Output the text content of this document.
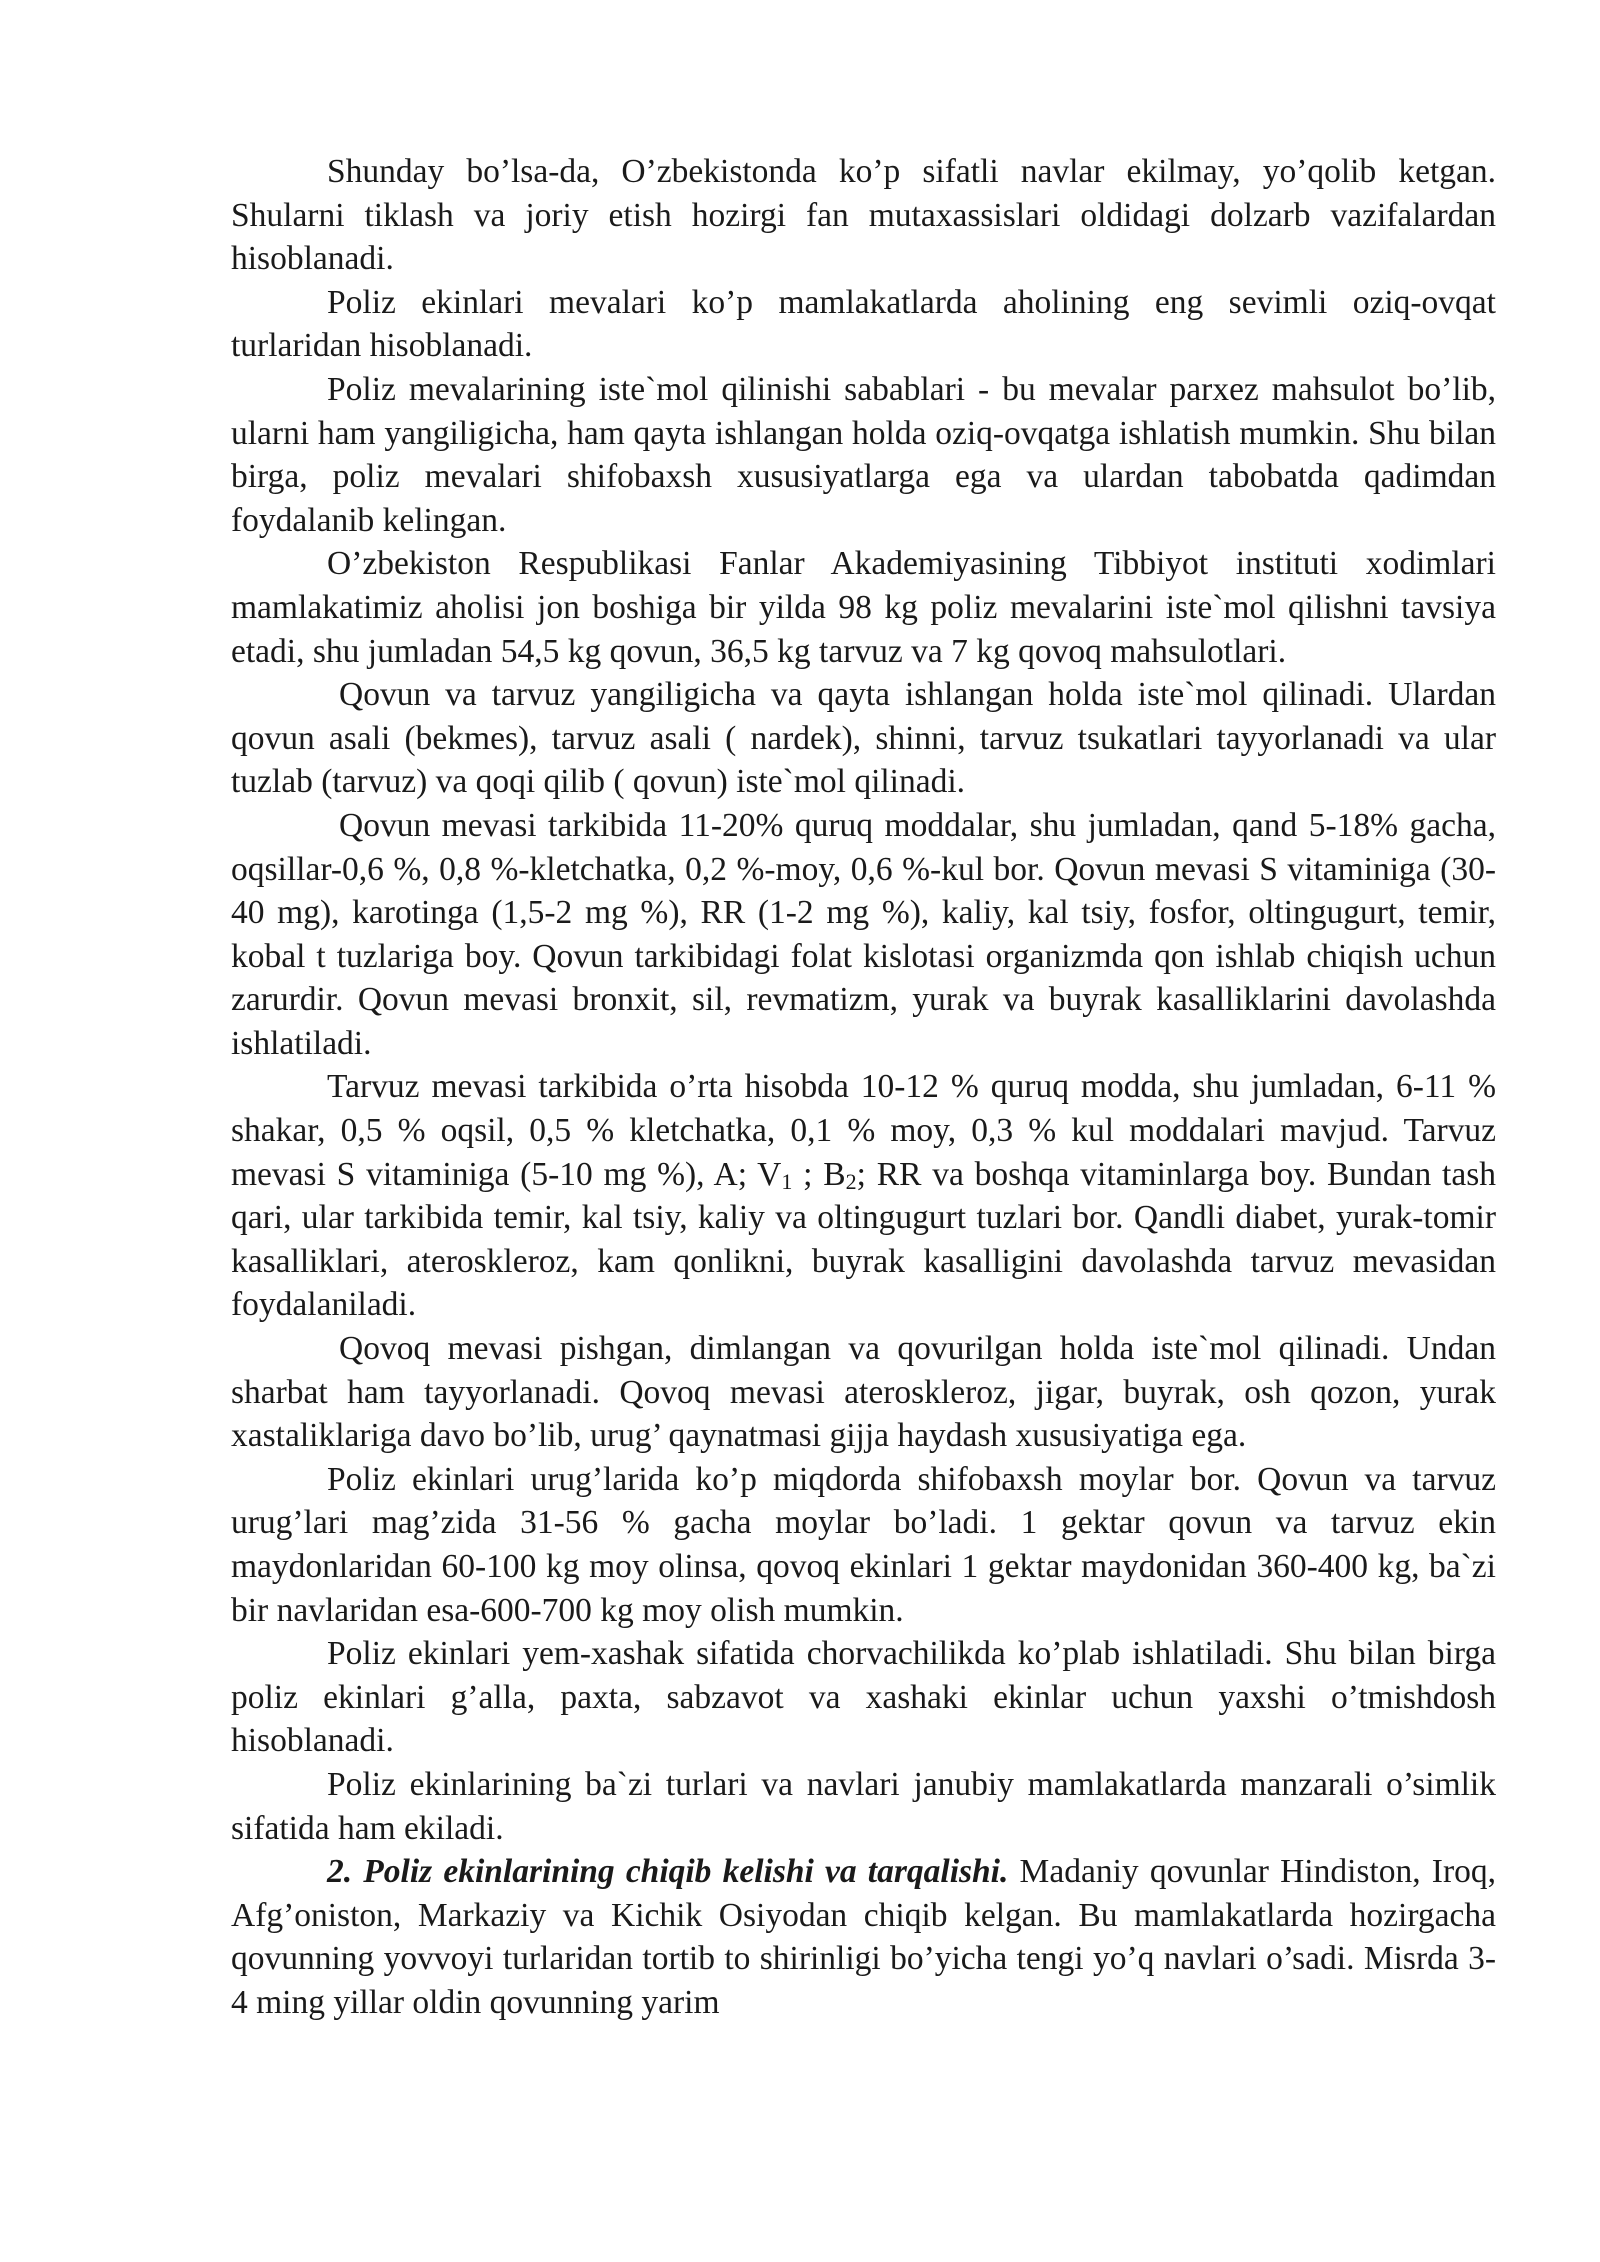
Shunday bo’lsa-da, O’zbekistonda ko’p sifatli navlar ekilmay, yo’qolib ketgan. Shularni tiklash va joriy etish hozirgi fan mutaxassislari oldidagi dolzarb vazifalardan hisoblanadi.

Poliz ekinlari mevalari ko’p mamlakatlarda aholining eng sevimli oziq-ovqat turlaridan hisoblanadi.

Poliz mevalarining iste`mol qilinishi sabablari - bu mevalar parxez mahsulot bo’lib, ularni ham yangiligicha, ham qayta ishlangan holda oziq-ovqatga ishlatish mumkin. Shu bilan birga, poliz mevalari shifobaxsh xususiyatlarga ega va ulardan tabobatda qadimdan foydalanib kelingan.

O’zbekiston Respublikasi Fanlar Akademiyasining Tibbiyot instituti xodimlari mamlakatimiz aholisi jon boshiga bir yilda 98 kg poliz mevalarini iste`mol qilishni tavsiya etadi, shu jumladan 54,5 kg qovun, 36,5 kg tarvuz va 7 kg qovoq mahsulotlari.

Qovun va tarvuz yangiligicha va qayta ishlangan holda iste`mol qilinadi. Ulardan qovun asali (bekmes), tarvuz asali ( nardek), shinni, tarvuz tsukatlari tayyorlanadi va ular tuzlab (tarvuz) va qoqi qilib ( qovun) iste`mol qilinadi.

Qovun mevasi tarkibida 11-20% quruq moddalar, shu jumladan, qand 5-18% gacha, oqsillar-0,6 %, 0,8 %-kletchatka, 0,2 %-moy, 0,6 %-kul bor. Qovun mevasi S vitaminiga (30-40 mg), karotinga (1,5-2 mg %), RR (1-2 mg %), kaliy, kal tsiy, fosfor, oltingugurt, temir, kobal t tuzlariga boy. Qovun tarkibidagi folat kislotasi organizmda qon ishlab chiqish uchun zarurdir. Qovun mevasi bronxit, sil, revmatizm, yurak va buyrak kasalliklarini davolashda ishlatiladi.

Tarvuz mevasi tarkibida o’rta hisobda 10-12 % quruq modda, shu jumladan, 6-11 % shakar, 0,5 % oqsil, 0,5 % kletchatka, 0,1 % moy, 0,3 % kul moddalari mavjud. Tarvuz mevasi S vitaminiga (5-10 mg %), A; $V_1$ ; $B_2$; RR va boshqa vitaminlarga boy. Bundan tash qari, ular tarkibida temir, kal tsiy, kaliy va oltingugurt tuzlari bor. Qandli diabet, yurak-tomir kasalliklari, ateroskleroz, kam qonlikni, buyrak kasalligini davolashda tarvuz mevasidan foydalaniladi.

Qovoq mevasi pishgan, dimlangan va qovurilgan holda iste`mol qilinadi. Undan sharbat ham tayyorlanadi. Qovoq mevasi ateroskleroz, jigar, buyrak, osh qozon, yurak xastaliklariga davo bo’lib, urug’ qaynatmasi gijja haydash xususiyatiga ega.

Poliz ekinlari urug’larida ko’p miqdorda shifobaxsh moylar bor. Qovun va tarvuz urug’lari mag’zida 31-56 % gacha moylar bo’ladi. 1 gektar qovun va tarvuz ekin maydonlaridan 60-100 kg moy olinsa, qovoq ekinlari 1 gektar maydonidan 360-400 kg, ba`zi bir navlaridan esa-600-700 kg moy olish mumkin.

Poliz ekinlari yem-xashak sifatida chorvachilikda ko’plab ishlatiladi. Shu bilan birga poliz ekinlari g’alla, paxta, sabzavot va xashaki ekinlar uchun yaxshi o’tmishdosh hisoblanadi.

Poliz ekinlarining ba`zi turlari va navlari janubiy mamlakatlarda manzarali o’simlik sifatida ham ekiladi.

2. Poliz ekinlarining chiqib kelishi va tarqalishi. Madaniy qovunlar Hindiston, Iroq, Afg’oniston, Markaziy va Kichik Osiyodan chiqib kelgan. Bu mamlakatlarda hozirgacha qovunning yovvoyi turlaridan tortib to shirinligi bo’yicha tengi yo’q navlari o’sadi. Misrda 3-4 ming yillar oldin qovunning yarim
